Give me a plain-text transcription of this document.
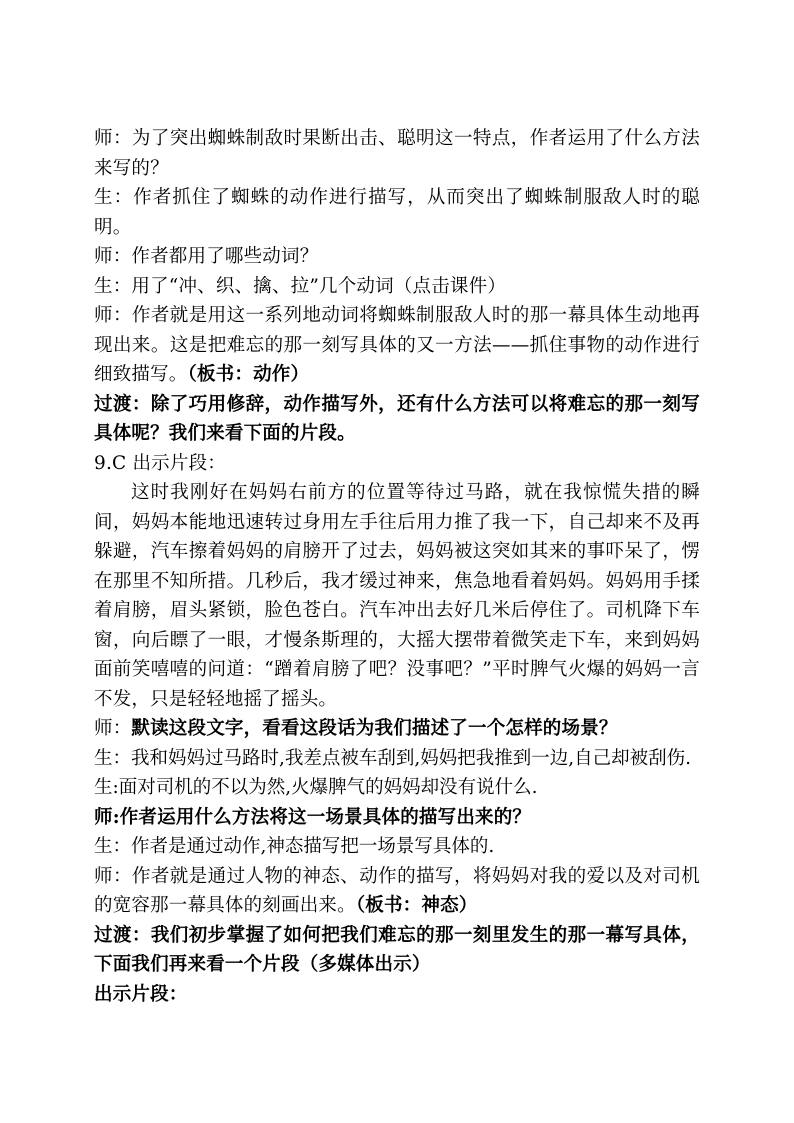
师：为了突出蜘蛛制敌时果断出击、聪明这一特点，作者运用了什么方法来写的？

生：作者抓住了蜘蛛的动作进行描写，从而突出了蜘蛛制服敌人时的聪明。

师：作者都用了哪些动词？

生：用了“冲、织、擒、拉”几个动词（点击课件）

师：作者就是用这一系列地动词将蜘蛛制服敌人时的那一幕具体生动地再现出来。这是把难忘的那一刻写具体的又一方法——抓住事物的动作进行细致描写。（板书：动作）

过渡：除了巧用修辞，动作描写外，还有什么方法可以将难忘的那一刻写具体呢？我们来看下面的片段。

9.C 出示片段：

这时我刚好在妈妈右前方的位置等待过马路，就在我惊慌失措的瞬间，妈妈本能地迅速转过身用左手往后用力推了我一下，自己却来不及再躲避，汽车擦着妈妈的肩膀开了过去，妈妈被这突如其来的事吓呆了，愣在那里不知所措。几秒后，我才缓过神来，焦急地看着妈妈。妈妈用手揉着肩膀，眉头紧锁，脸色苍白。汽车冲出去好几米后停住了。司机降下车窗，向后瞟了一眼，才慢条斯理的，大摇大摆带着微笑走下车，来到妈妈面前笑嘻嘻的问道：“蹭着肩膀了吧？没事吧？”平时脾气火爆的妈妈一言不发，只是轻轻地摇了摇头。

师：默读这段文字，看看这段话为我们描述了一个怎样的场景？

生：我和妈妈过马路时,我差点被车刮到,妈妈把我推到一边,自己却被刮伤.

生:面对司机的不以为然,火爆脾气的妈妈却没有说什么.

师:作者运用什么方法将这一场景具体的描写出来的？

生：作者是通过动作,神态描写把一场景写具体的.

师：作者就是通过人物的神态、动作的描写，将妈妈对我的爱以及对司机的宽容那一幕具体的刻画出来。（板书：神态）

过渡：我们初步掌握了如何把我们难忘的那一刻里发生的那一幕写具体，下面我们再来看一个片段（多媒体出示）

出示片段：
